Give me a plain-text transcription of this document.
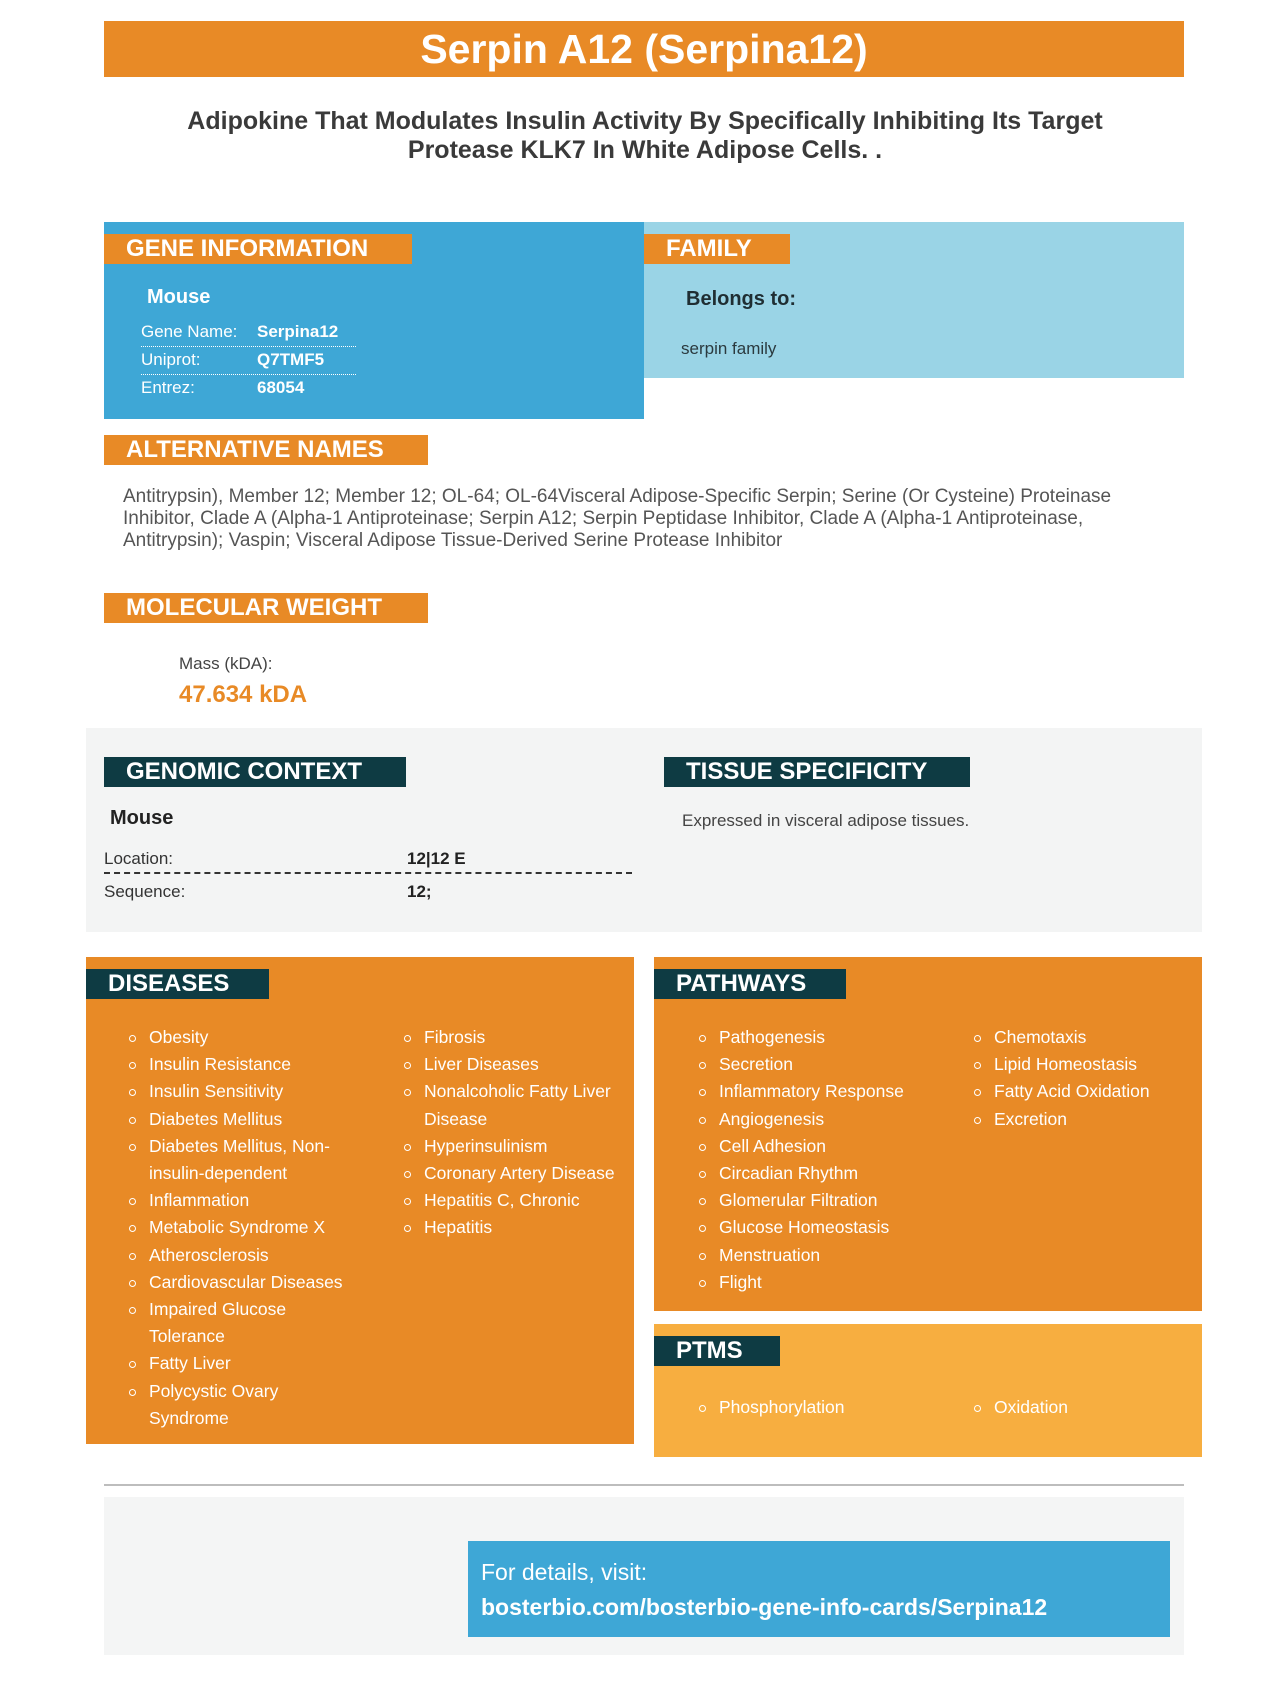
Serpin A12 (Serpina12)

Adipokine That Modulates Insulin Activity By Specifically Inhibiting Its Target Protease KLK7 In White Adipose Cells. .

GENE INFORMATION
Mouse
Gene Name: Serpina12
Uniprot:	Q7TMF5
Entrez:	68054
FAMILY
Belongs to:
serpin family
ALTERNATIVE NAMES

Antitrypsin), Member 12; Member 12; OL-64; OL-64Visceral Adipose-Specific Serpin; Serine (Or Cysteine) Proteinase Inhibitor, Clade A (Alpha-1 Antiproteinase; Serpin A12; Serpin Peptidase Inhibitor, Clade A (Alpha-1 Antiproteinase, Antitrypsin); Vaspin; Visceral Adipose Tissue-Derived Serine Protease Inhibitor

MOLECULAR WEIGHT
Mass (kDA):
47.634 kDA
GENOMIC CONTEXT
Mouse
Location:	12|12 E
Sequence:	12;
TISSUE SPECIFICITY
Expressed in visceral adipose tissues.
DISEASES
Obesity
Insulin Resistance
Insulin Sensitivity
Diabetes Mellitus
Diabetes Mellitus, Non-insulin-dependent
Inflammation
Metabolic Syndrome X
Atherosclerosis
Cardiovascular Diseases
Impaired Glucose Tolerance
Fatty Liver
Polycystic Ovary Syndrome
Fibrosis
Liver Diseases
Nonalcoholic Fatty Liver Disease
Hyperinsulinism
Coronary Artery Disease
Hepatitis C, Chronic
Hepatitis
PATHWAYS
Pathogenesis
Secretion
Inflammatory Response
Angiogenesis
Cell Adhesion
Circadian Rhythm
Glomerular Filtration
Glucose Homeostasis
Menstruation
Flight
Chemotaxis
Lipid Homeostasis
Fatty Acid Oxidation
Excretion
PTMS
Phosphorylation	Oxidation
For details, visit:
bosterbio.com/bosterbio-gene-info-cards/Serpina12
